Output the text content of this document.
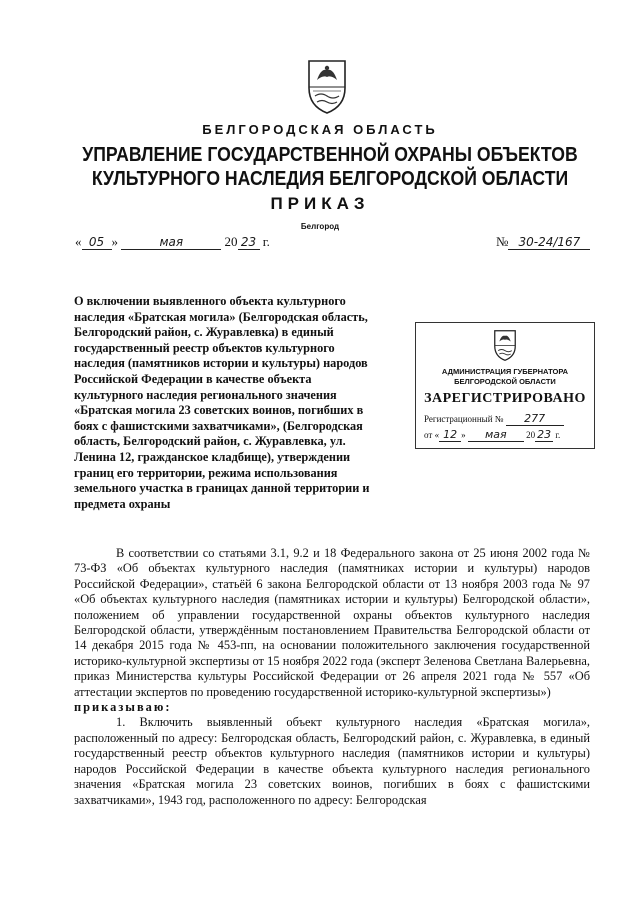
БЕЛГОРОДСКАЯ ОБЛАСТЬ
УПРАВЛЕНИЕ ГОСУДАРСТВЕННОЙ ОХРАНЫ ОБЪЕКТОВ
КУЛЬТУРНОГО НАСЛЕДИЯ БЕЛГОРОДСКОЙ ОБЛАСТИ
ПРИКАЗ
Белгород
« 05 »	мая	20 23 г.	№ 30-24/167
О включении выявленного объекта культурного наследия «Братская могила» (Белгородская область, Белгородский район, с. Журавлевка) в единый государственный реестр объектов культурного наследия (памятников истории и культуры) народов Российской Федерации в качестве объекта культурного наследия регионального значения «Братская могила 23 советских воинов, погибших в боях с фашистскими захватчиками», (Белгородская область, Белгородский район, с. Журавлевка, ул. Ленина 12, гражданское кладбище), утверждении границ его территории, режима использования земельного участка в границах данной территории и предмета охраны
АДМИНИСТРАЦИЯ ГУБЕРНАТОРА
БЕЛГОРОДСКОЙ ОБЛАСТИ
ЗАРЕГИСТРИРОВАНО
Регистрационный № 277
от « 12 » мая 20 23 г.

В соответствии со статьями 3.1, 9.2 и 18 Федерального закона от 25 июня 2002 года № 73-ФЗ «Об объектах культурного наследия (памятниках истории и культуры) народов Российской Федерации», статьёй 6 закона Белгородской области от 13 ноября 2003 года № 97 «Об объектах культурного наследия (памятниках истории и культуры) Белгородской области», положением об управлении государственной охраны объектов культурного наследия Белгородской области, утверждённым постановлением Правительства Белгородской области от 14 декабря 2015 года № 453-пп, на основании положительного заключения государственной историко-культурной экспертизы от 15 ноября 2022 года (эксперт Зеленова Светлана Валерьевна, приказ Министерства культуры Российской Федерации от 26 апреля 2021 года № 557 «Об аттестации экспертов по проведению государственной историко-культурной экспертизы»)

приказываю:

1. Включить выявленный объект культурного наследия «Братская могила», расположенный по адресу: Белгородская область, Белгородский район, с. Журавлевка, в единый государственный реестр объектов культурного наследия (памятников истории и культуры) народов Российской Федерации в качестве объекта культурного наследия регионального значения «Братская могила 23 советских воинов, погибших в боях с фашистскими захватчиками», 1943 год, расположенного по адресу: Белгородская
